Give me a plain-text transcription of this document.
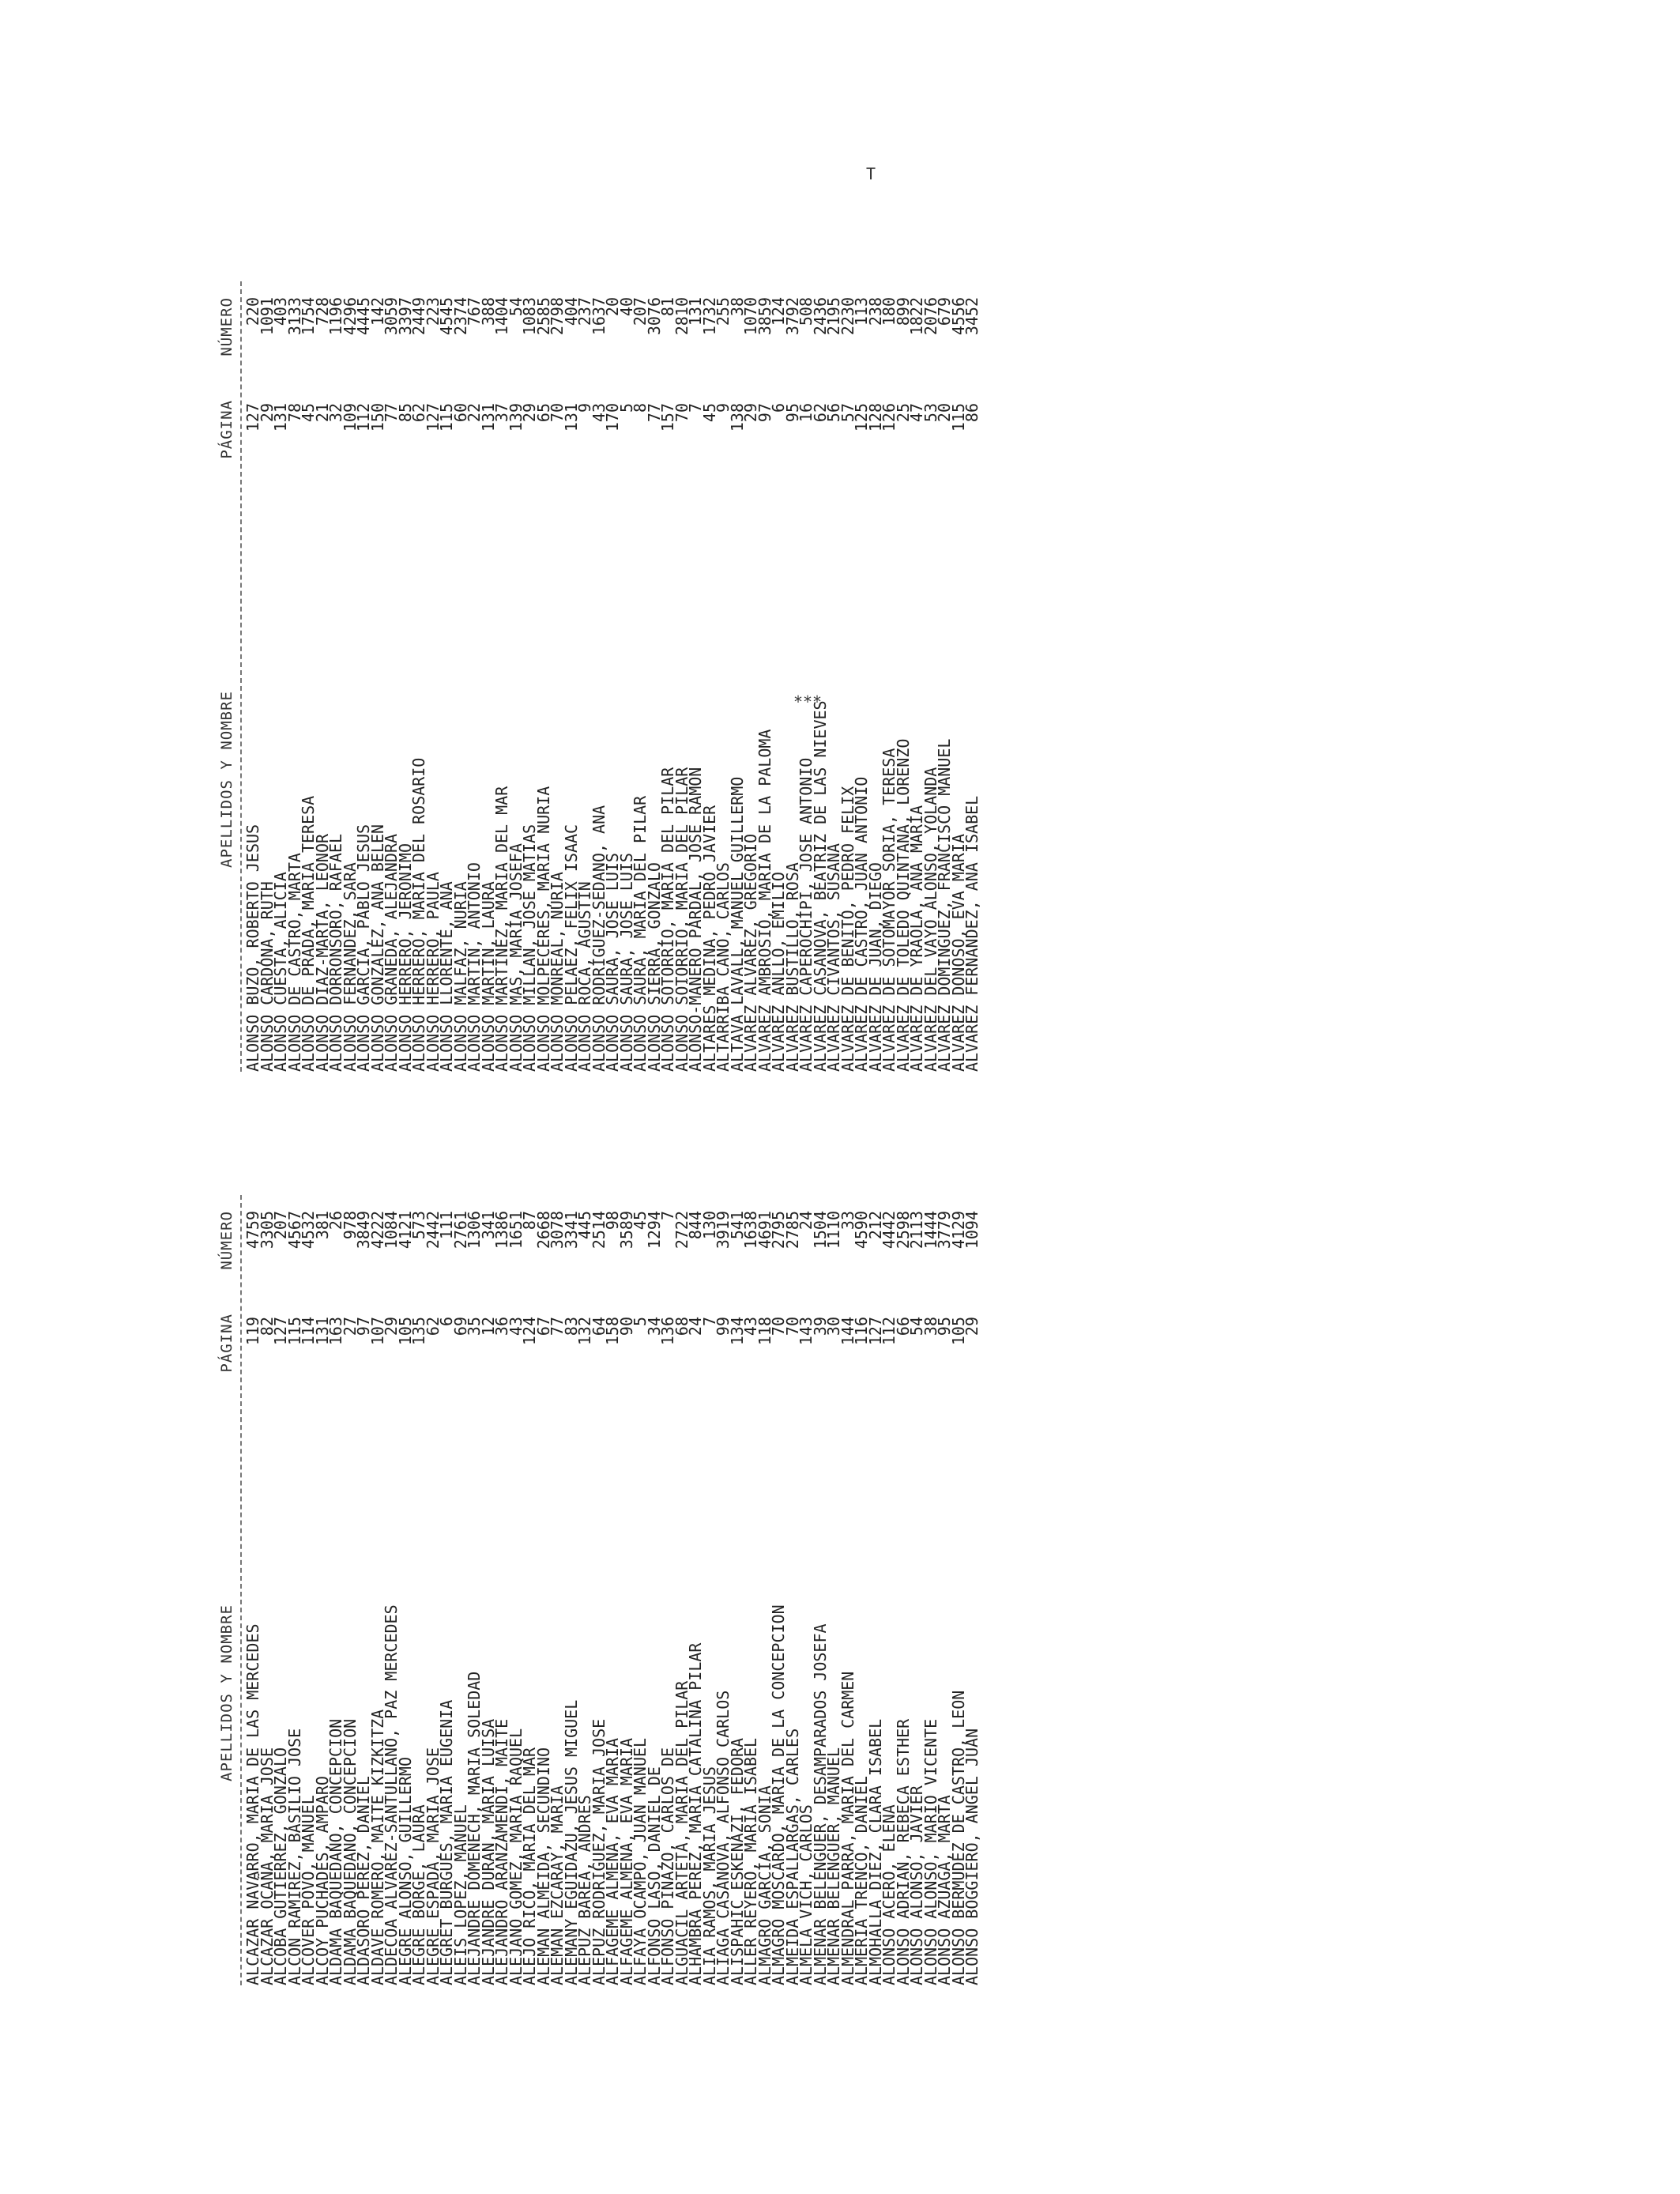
APELLIDOS Y NOMBRE
PÁGINA
NÚMERO
ALCAZAR NAVARRO, MARIA DE LAS MERCEDES
119
4759
ALCAZAR OCAÑA, MARIA JOSE
82
3305
ALCOBA GUTIERREZ, GONZALO
127
207
ALCON RAMIREZ, BASILIO JOSE
115
4567
ALCOVER POVO, MANUEL
114
4532
ALCOY PUCHADES, AMPARO
131
381
ALDAMA BAQUEDANO, CONCEPCION
163
26
ALDAMA BAQUEDANO, CONCEPCION
27
978
ALDASORO PEREZ, DANIEL
97
3849
ALDAVE ROMERO, MAITE KIZKITZA
107
4222
ALDECOA ALVAREZ-SANTULLANO, PAZ MERCEDES
29
1084
ALEGRE ALONSO, GUILLERMO
105
4121
ALEGRE BORGE, LAURA
135
573
ALEGRE ESPADA, MARIA JOSE
62
2442
ALEGRET BURGUES, MARIA EUGENIA
6
111
ALEIS LOPEZ, MANUEL
69
2761
ALEJANDRE DOMENECH, MARIA SOLEDAD
35
1306
ALEJANDRE DURAN, MARIA LUISA
12
341
ALEJANDRO ARANZAMENDI, MAITE
36
1386
ALEJANO GOMEZ, MARIA RAQUEL
43
1651
ALEJO RICO, MARIA DEL MAR
124
87
ALEMAN ALMEIDA, SECUNDINO
67
2668
ALEMAN EZCARAY, MARIA
77
3078
ALEMANY EGUIDAZU, JESUS MIGUEL
83
3341
ALEPUZ BAREA, ANDRES
132
445
ALEPUZ RODRIGUEZ, MARIA JOSE
64
2514
ALFAGEME ALMENA, EVA MARIA
158
98
ALFAGEME ALMENA, EVA MARIA
90
3589
ALFAYA OCAMPO, JUAN MANUEL
5
45
ALFONSO LASO, DANIEL DE
34
1294
ALFONSO PINAZO, CARLOS DE
136
7
ALGUACIL ARTETA, MARIA DEL PILAR
68
2722
ALHAMBRA PEREZ, MARIA CATALINA PILAR
24
844
ALIA RAMOS, MARIA JESUS
7
130
ALIAGA CASANOVA, ALFONSO CARLOS
99
3919
ALISPAHIC ESKENAZI, FEDORA
134
541
ALLER REYERO, MARIA ISABEL
43
1638
ALMAGRO GARCIA, SONIA
118
4691
ALMAGRO MOSCARDO, MARIA DE LA CONCEPCION
70
2795
ALMEIDA ESPALLARGAS, CARLES
70
2785
ALMELA VICH, CARLOS
143
24
ALMENAR BELENGUER, DESAMPARADOS JOSEFA
39
1504
ALMENAR BELENGUER, MANUEL
30
1110
ALMENDRAL PARRA, MARIA DEL CARMEN
144
33
ALMERIA TRENCO, DANIEL
116
4590
ALMOHALLA DIEZ, CLARA ISABEL
127
212
ALONSO ACERO, ELENA
112
4442
ALONSO ADRIAN, REBECA ESTHER
66
2598
ALONSO ALONSO, JAVIER
54
2113
ALONSO ALONSO, MARIO VICENTE
38
1444
ALONSO AZUAGA, MARTA
95
3779
ALONSO BERMUDEZ DE CASTRO, LEON
105
4129
ALONSO BOGGIERO, ANGEL JUAN
29
1094
APELLIDOS Y NOMBRE
PÁGINA
NÚMERO
ALONSO BUZO, ROBERTO JESUS
127
220
ALONSO CARDONA, RUTH
29
1091
ALONSO CUESTA, ALICIA
131
403
ALONSO DE CASTRO, MARTA
78
3133
ALONSO DE PRADA, MARIA TERESA
45
1754
ALONSO DIAZ-MARTA, LEONOR
21
728
ALONSO DORRONSORO, RAFAEL
32
1196
ALONSO FERNANDEZ, SARA
109
4296
ALONSO GARCIA, PABLO JESUS
112
4445
ALONSO GONZALEZ, ANA BELEN
150
142
ALONSO GRAÑEDA, ALEJANDRA
77
3059
ALONSO HERRERO, JERONIMO
85
3397
ALONSO HERRERO, MARIA DEL ROSARIO
62
2449
ALONSO HERRERO, PAULA
127
223
ALONSO LLORENTE, ANA
115
4545
ALONSO MALFAZ, NURIA
60
2374
ALONSO MARTIN, ANTONIO
22
767
ALONSO MARTIN, LAURA
131
388
ALONSO MARTINEZ, MARIA DEL MAR
37
1404
ALONSO MAS, MARIA JOSEFA
139
54
ALONSO MILLAN, JOSE MATIAS
29
1083
ALONSO MOLPECERES, MARIA NURIA
65
2585
ALONSO MONREAL, NURIA
70
2798
ALONSO PELAEZ, FELIX ISAAC
131
404
ALONSO ROCA, AGUSTIN
9
237
ALONSO RODRIGUEZ-SEDANO, ANA
43
1637
ALONSO SAURA, JOSE LUIS
170
20
ALONSO SAURA, JOSE LUIS
5
40
ALONSO SAURA, MARIA DEL PILAR
8
207
ALONSO SIERRA, GONZALO
77
3076
ALONSO SOTORRIO, MARIA DEL PILAR
157
81
ALONSO SOTORRIO, MARIA DEL PILAR
70
2810
ALONSO-MAÑERO PARDAL, JOSE RAMON
7
131
ALTARES MEDINA, PEDRO JAVIER
45
1732
ALTARRIBA CANO, CARLOS
9
255
ALTAVA LAVALL, MANUEL GUILLERMO
138
38
ALVAREZ ALVAREZ, GREGORIO
29
1070
ALVAREZ AMBROSIO, MARIA DE LA PALOMA
97
3859
ALVAREZ ANLLO, EMILIO
6
124
ALVAREZ BUSTILLO, ROSA
95
3792
ALVAREZ CAPEROCHIPI, JOSE ANTONIO
16
508
ALVAREZ CASANOVA, BEATRIZ DE LAS NIEVES
62
2436
ALVAREZ CIVANTOS, SUSANA
56
2195
ALVAREZ DE BENITO, PEDRO FELIX
57
2230
ALVAREZ DE CASTRO, JUAN ANTONIO
125
113
ALVAREZ DE JUAN, DIEGO
128
238
ALVAREZ DE SOTOMAYOR SORIA, TERESA
126
180
ALVAREZ DE TOLEDO QUINTANA, LORENZO
25
899
ALVAREZ DE YRAOLA, ANA MARIA
47
1822
ALVAREZ DEL VAYO ALONSO, YOLANDA
53
2076
ALVAREZ DOMINGUEZ, FRANCISCO MANUEL
20
679
ALVAREZ DONOSO, EVA MARIA
115
4556
ALVAREZ FERNANDEZ, ANA ISABEL
86
3452
***
T
